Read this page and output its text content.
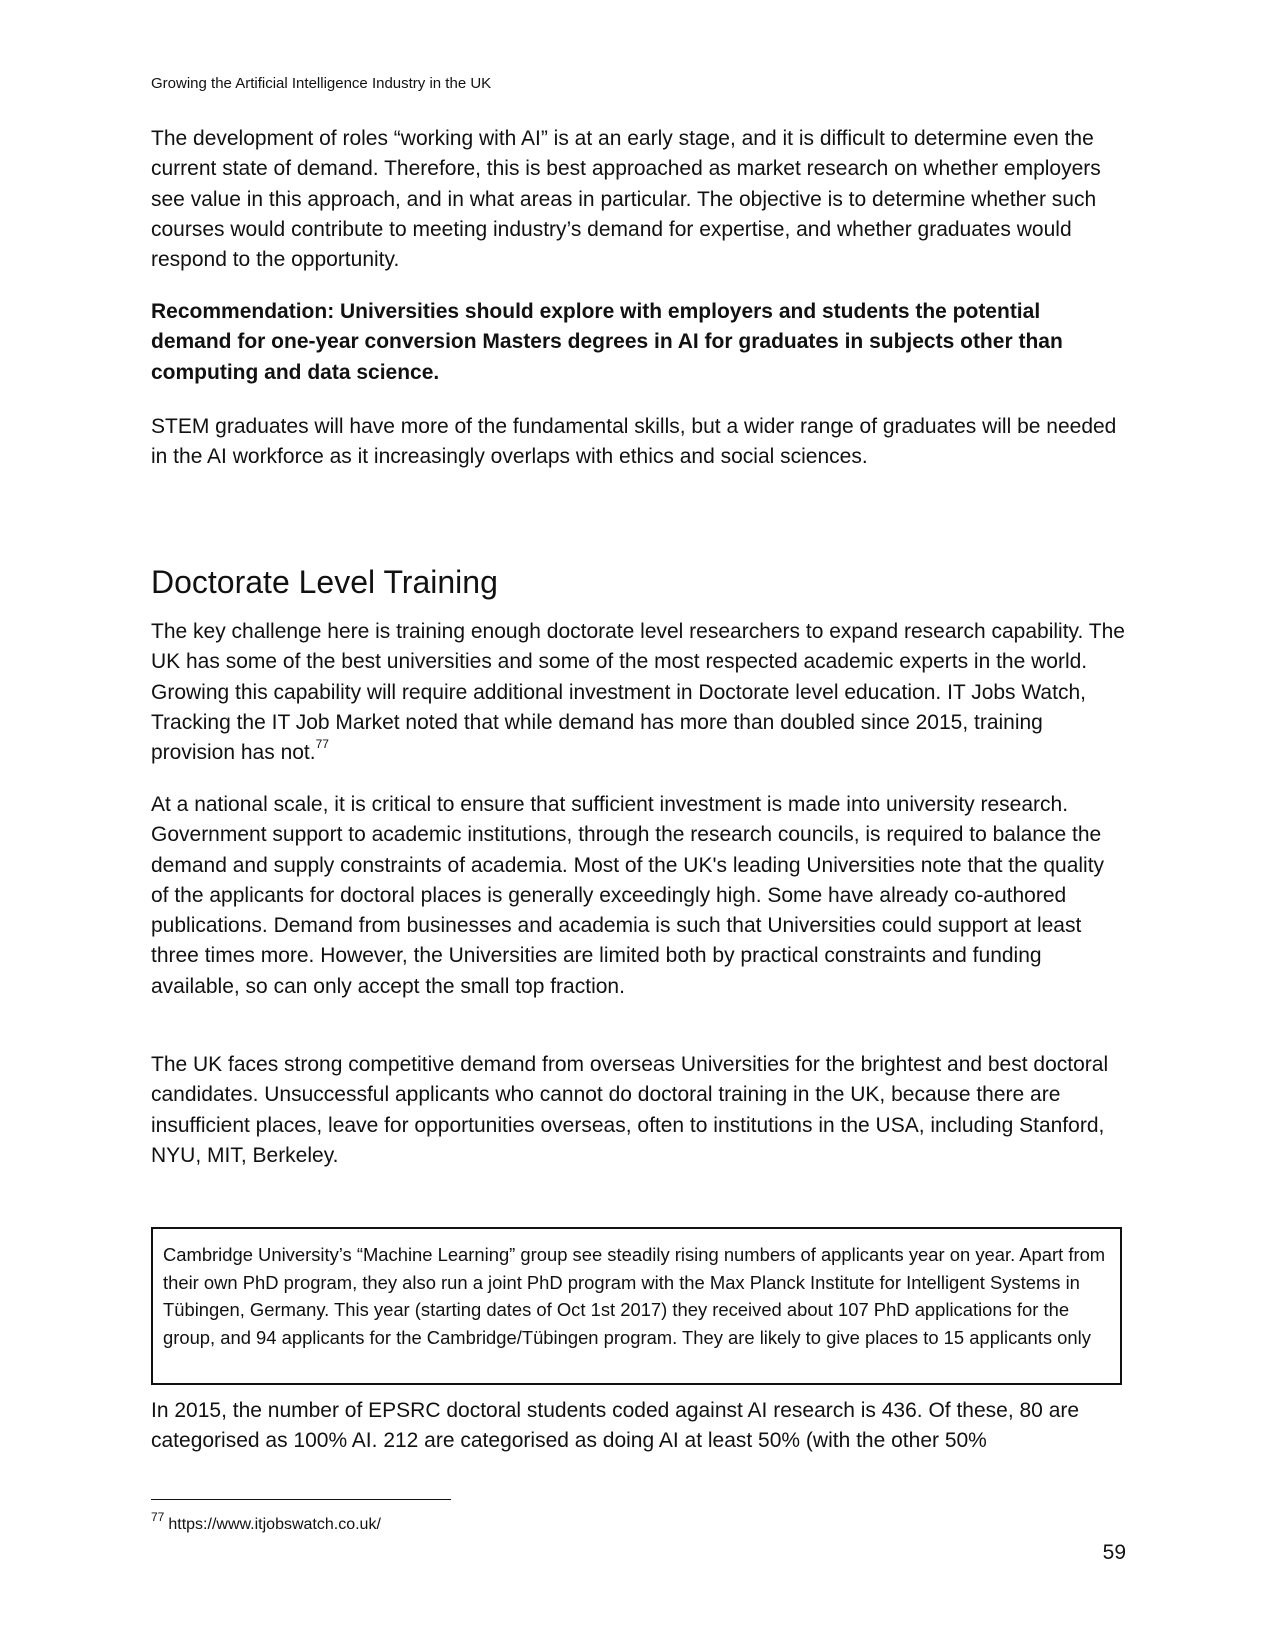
Growing the Artificial Intelligence Industry in the UK

The development of roles “working with AI” is at an early stage, and it is difficult to determine even the current state of demand. Therefore, this is best approached as market research on whether employers see value in this approach, and in what areas in particular. The objective is to determine whether such courses would contribute to meeting industry’s demand for expertise, and whether graduates would respond to the opportunity.

Recommendation: Universities should explore with employers and students the potential demand for one-year conversion Masters degrees in AI for graduates in subjects other than computing and data science.

STEM graduates will have more of the fundamental skills, but a wider range of graduates will be needed in the AI workforce as it increasingly overlaps with ethics and social sciences.

Doctorate Level Training

The key challenge here is training enough doctorate level researchers to expand research capability. The UK has some of the best universities and some of the most respected academic experts in the world. Growing this capability will require additional investment in Doctorate level education. IT Jobs Watch, Tracking the IT Job Market noted that while demand has more than doubled since 2015, training provision has not.$^{77}$

At a national scale, it is critical to ensure that sufficient investment is made into university research. Government support to academic institutions, through the research councils, is required to balance the demand and supply constraints of academia. Most of the UK's leading Universities note that the quality of the applicants for doctoral places is generally exceedingly high. Some have already co-authored publications. Demand from businesses and academia is such that Universities could support at least three times more. However, the Universities are limited both by practical constraints and funding available, so can only accept the small top fraction.

The UK faces strong competitive demand from overseas Universities for the brightest and best doctoral candidates. Unsuccessful applicants who cannot do doctoral training in the UK, because there are insufficient places, leave for opportunities overseas, often to institutions in the USA, including Stanford, NYU, MIT, Berkeley.

Cambridge University’s “Machine Learning” group see steadily rising numbers of applicants year on year. Apart from their own PhD program, they also run a joint PhD program with the Max Planck Institute for Intelligent Systems in Tübingen, Germany. This year (starting dates of Oct 1st 2017) they received about 107 PhD applications for the group, and 94 applicants for the Cambridge/Tübingen program. They are likely to give places to 15 applicants only

In 2015, the number of EPSRC doctoral students coded against AI research is 436. Of these, 80 are categorised as 100% AI. 212 are categorised as doing AI at least 50% (with the other 50%

$^{77}$ https://www.itjobswatch.co.uk/
59
